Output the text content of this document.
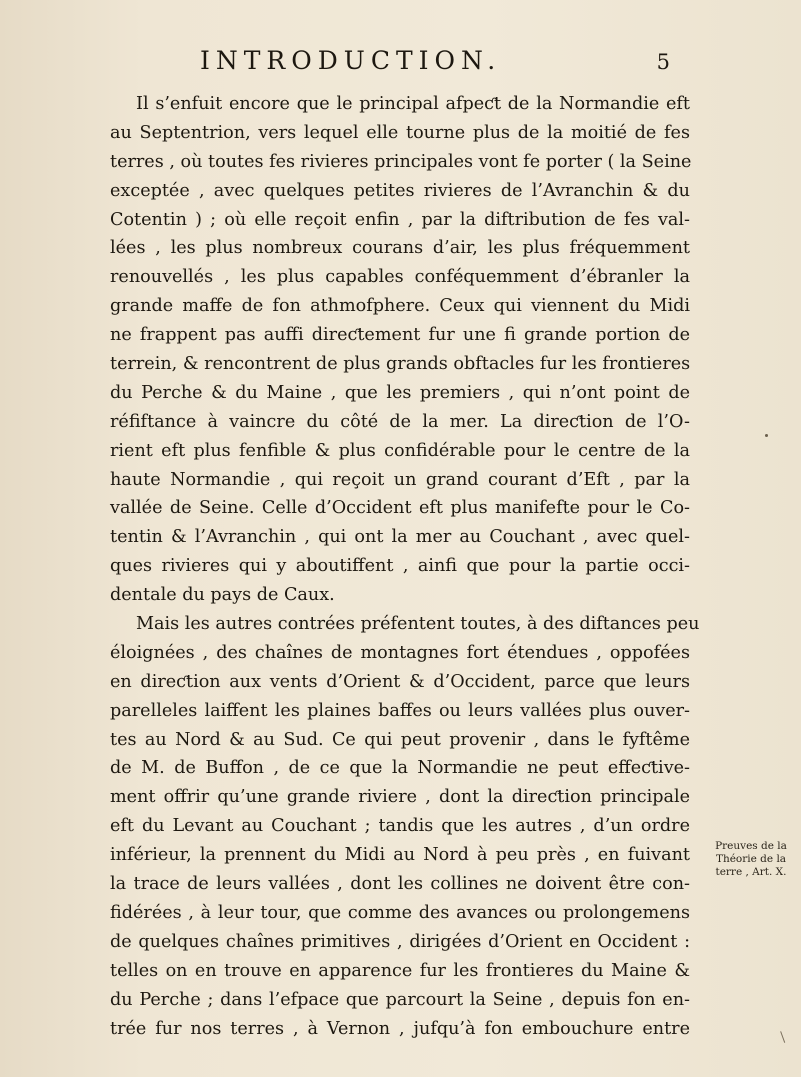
INTRODUCTION.	5
Il s’enfuit encore que le principal afpeƈt de la Normandie eft
au Septentrion, vers lequel elle tourne plus de la moitié de fes
terres , où toutes fes rivieres principales vont fe porter ( la Seine
exceptée , avec quelques petites rivieres de l’Avranchin & du
Cotentin ) ; où elle reçoit enfin , par la diftribution de fes val-
lées , les plus nombreux courans d’air, les plus fréquemment
renouvellés , les plus capables conféquemment d’ébranler la
grande maffe de fon athmofphere. Ceux qui viennent du Midi
ne frappent pas auffi direƈtement fur une fi grande portion de
terrein, & rencontrent de plus grands obftacles fur les frontieres
du Perche & du Maine , que les premiers , qui n’ont point de
réfiftance à vaincre du côté de la mer. La direƈtion de l’O-
rient eft plus fenfible & plus confidérable pour le centre de la
haute Normandie , qui reçoit un grand courant d’Eft , par la
vallée de Seine. Celle d’Occident eft plus manifefte pour le Co-
tentin & l’Avranchin , qui ont la mer au Couchant , avec quel-
ques rivieres qui y aboutiffent , ainfi que pour la partie occi-
dentale du pays de Caux.
Mais les autres contrées préfentent toutes, à des diftances peu
éloignées , des chaînes de montagnes fort étendues , oppofées
en direƈtion aux vents d’Orient & d’Occident, parce que leurs
parelleles laiffent les plaines baffes ou leurs vallées plus ouver-
tes au Nord & au Sud. Ce qui peut provenir , dans le fyftême
de M. de Buffon , de ce que la Normandie ne peut effeƈtive-
ment offrir qu’une grande riviere , dont la direƈtion principale
eft du Levant au Couchant ; tandis que les autres , d’un ordre
inférieur, la prennent du Midi au Nord à peu près , en fuivant
la trace de leurs vallées , dont les collines ne doivent être con-
fidérées , à leur tour, que comme des avances ou prolongemens
de quelques chaînes primitives , dirigées d’Orient en Occident :
telles on en trouve en apparence fur les frontieres du Maine &
du Perche ; dans l’efpace que parcourt la Seine , depuis fon en-
trée fur nos terres , à Vernon , jufqu’à fon embouchure entre
Preuves de la
Théorie de la
terre , Art. X.
